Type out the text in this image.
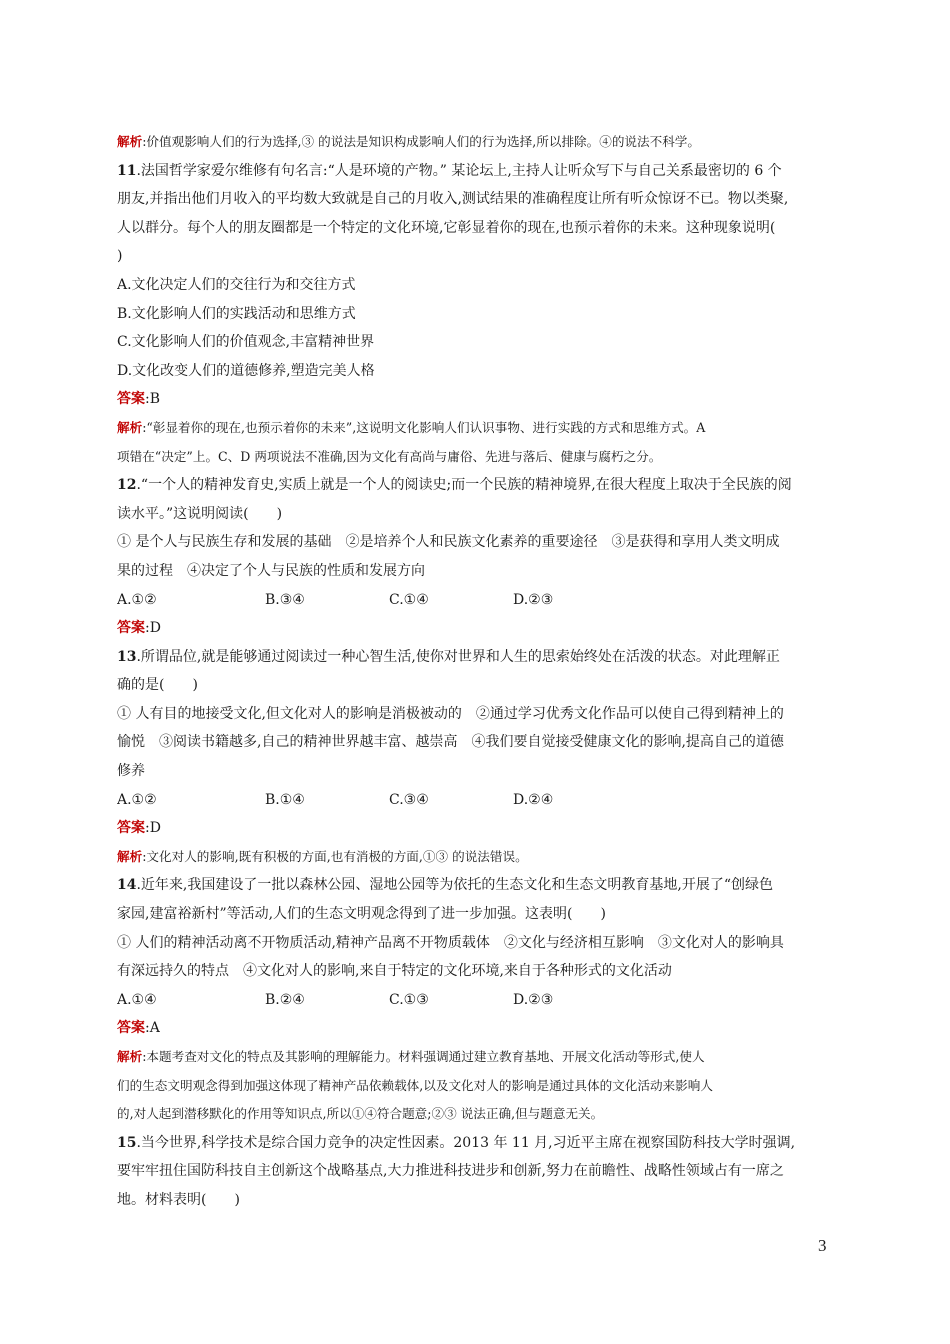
解析:价值观影响人们的行为选择,③ 的说法是知识构成影响人们的行为选择,所以排除。④的说法不科学。
11.法国哲学家爱尔维修有句名言:“人是环境的产物。” 某论坛上,主持人让听众写下与自己关系最密切的 6 个
朋友,并指出他们月收入的平均数大致就是自己的月收入,测试结果的准确程度让所有听众惊讶不已。物以类聚,
人以群分。每个人的朋友圈都是一个特定的文化环境,它彰显着你的现在,也预示着你的未来。这种现象说明(
)
A.文化决定人们的交往行为和交往方式
B.文化影响人们的实践活动和思维方式
C.文化影响人们的价值观念,丰富精神世界
D.文化改变人们的道德修养,塑造完美人格
答案:B
解析:“彰显着你的现在,也预示着你的未来”,这说明文化影响人们认识事物、进行实践的方式和思维方式。A
项错在“决定”上。C、D 两项说法不准确,因为文化有高尚与庸俗、先进与落后、健康与腐朽之分。
12.“一个人的精神发育史,实质上就是一个人的阅读史;而一个民族的精神境界,在很大程度上取决于全民族的阅
读水平。”这说明阅读(　　)
① 是个人与民族生存和发展的基础　②是培养个人和民族文化素养的重要途径　③是获得和享用人类文明成
果的过程　④决定了个人与民族的性质和发展方向
A.①②	B.③④	C.①④	D.②③
答案:D
13.所谓品位,就是能够通过阅读过一种心智生活,使你对世界和人生的思索始终处在活泼的状态。对此理解正
确的是(　　)
① 人有目的地接受文化,但文化对人的影响是消极被动的　②通过学习优秀文化作品可以使自己得到精神上的
愉悦　③阅读书籍越多,自己的精神世界越丰富、越崇高　④我们要自觉接受健康文化的影响,提高自己的道德
修养
A.①②	B.①④	C.③④	D.②④
答案:D
解析:文化对人的影响,既有积极的方面,也有消极的方面,①③ 的说法错误。
14.近年来,我国建设了一批以森林公园、湿地公园等为依托的生态文化和生态文明教育基地,开展了“创绿色
家园,建富裕新村”等活动,人们的生态文明观念得到了进一步加强。这表明(　　)
① 人们的精神活动离不开物质活动,精神产品离不开物质载体　②文化与经济相互影响　③文化对人的影响具
有深远持久的特点　④文化对人的影响,来自于特定的文化环境,来自于各种形式的文化活动
A.①④	B.②④	C.①③	D.②③
答案:A
解析:本题考查对文化的特点及其影响的理解能力。材料强调通过建立教育基地、开展文化活动等形式,使人
们的生态文明观念得到加强这体现了精神产品依赖载体,以及文化对人的影响是通过具体的文化活动来影响人
的,对人起到潜移默化的作用等知识点,所以①④符合题意;②③ 说法正确,但与题意无关。
15.当今世界,科学技术是综合国力竞争的决定性因素。2013 年 11 月,习近平主席在视察国防科技大学时强调,
要牢牢扭住国防科技自主创新这个战略基点,大力推进科技进步和创新,努力在前瞻性、战略性领域占有一席之
地。材料表明(　　)
3
